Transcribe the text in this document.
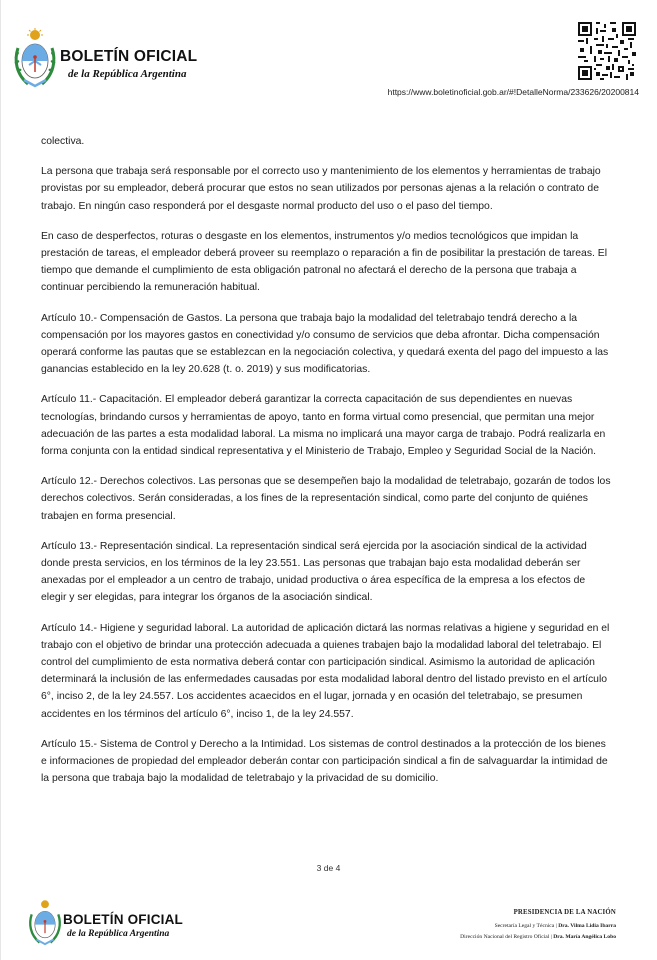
BOLETÍN OFICIAL
de la República Argentina
https://www.boletinoficial.gob.ar/#!DetalleNorma/233626/20200814

colectiva.

La persona que trabaja será responsable por el correcto uso y mantenimiento de los elementos y herramientas de trabajo provistas por su empleador, deberá procurar que estos no sean utilizados por personas ajenas a la relación o contrato de trabajo. En ningún caso responderá por el desgaste normal producto del uso o el paso del tiempo.

En caso de desperfectos, roturas o desgaste en los elementos, instrumentos y/o medios tecnológicos que impidan la prestación de tareas, el empleador deberá proveer su reemplazo o reparación a fin de posibilitar la prestación de tareas. El tiempo que demande el cumplimiento de esta obligación patronal no afectará el derecho de la persona que trabaja a continuar percibiendo la remuneración habitual.

Artículo 10.- Compensación de Gastos. La persona que trabaja bajo la modalidad del teletrabajo tendrá derecho a la compensación por los mayores gastos en conectividad y/o consumo de servicios que deba afrontar. Dicha compensación operará conforme las pautas que se establezcan en la negociación colectiva, y quedará exenta del pago del impuesto a las ganancias establecido en la ley 20.628 (t. o. 2019) y sus modificatorias.

Artículo 11.- Capacitación. El empleador deberá garantizar la correcta capacitación de sus dependientes en nuevas tecnologías, brindando cursos y herramientas de apoyo, tanto en forma virtual como presencial, que permitan una mejor adecuación de las partes a esta modalidad laboral. La misma no implicará una mayor carga de trabajo. Podrá realizarla en forma conjunta con la entidad sindical representativa y el Ministerio de Trabajo, Empleo y Seguridad Social de la Nación.

Artículo 12.- Derechos colectivos. Las personas que se desempeñen bajo la modalidad de teletrabajo, gozarán de todos los derechos colectivos. Serán consideradas, a los fines de la representación sindical, como parte del conjunto de quiénes trabajen en forma presencial.

Artículo 13.- Representación sindical. La representación sindical será ejercida por la asociación sindical de la actividad donde presta servicios, en los términos de la ley 23.551. Las personas que trabajan bajo esta modalidad deberán ser anexadas por el empleador a un centro de trabajo, unidad productiva o área específica de la empresa a los efectos de elegir y ser elegidas, para integrar los órganos de la asociación sindical.

Artículo 14.- Higiene y seguridad laboral. La autoridad de aplicación dictará las normas relativas a higiene y seguridad en el trabajo con el objetivo de brindar una protección adecuada a quienes trabajen bajo la modalidad laboral del teletrabajo. El control del cumplimiento de esta normativa deberá contar con participación sindical. Asimismo la autoridad de aplicación determinará la inclusión de las enfermedades causadas por esta modalidad laboral dentro del listado previsto en el artículo 6°, inciso 2, de la ley 24.557. Los accidentes acaecidos en el lugar, jornada y en ocasión del teletrabajo, se presumen accidentes en los términos del artículo 6°, inciso 1, de la ley 24.557.

Artículo 15.- Sistema de Control y Derecho a la Intimidad. Los sistemas de control destinados a la protección de los bienes e informaciones de propiedad del empleador deberán contar con participación sindical a fin de salvaguardar la intimidad de la persona que trabaja bajo la modalidad de teletrabajo y la privacidad de su domicilio.

3 de 4
BOLETÍN OFICIAL
de la República Argentina
PRESIDENCIA DE LA NACIÓN
Secretaría Legal y Técnica | Dra. Vilma Lidia Ibarra
Dirección Nacional del Registro Oficial | Dra. María Angélica Lobo
